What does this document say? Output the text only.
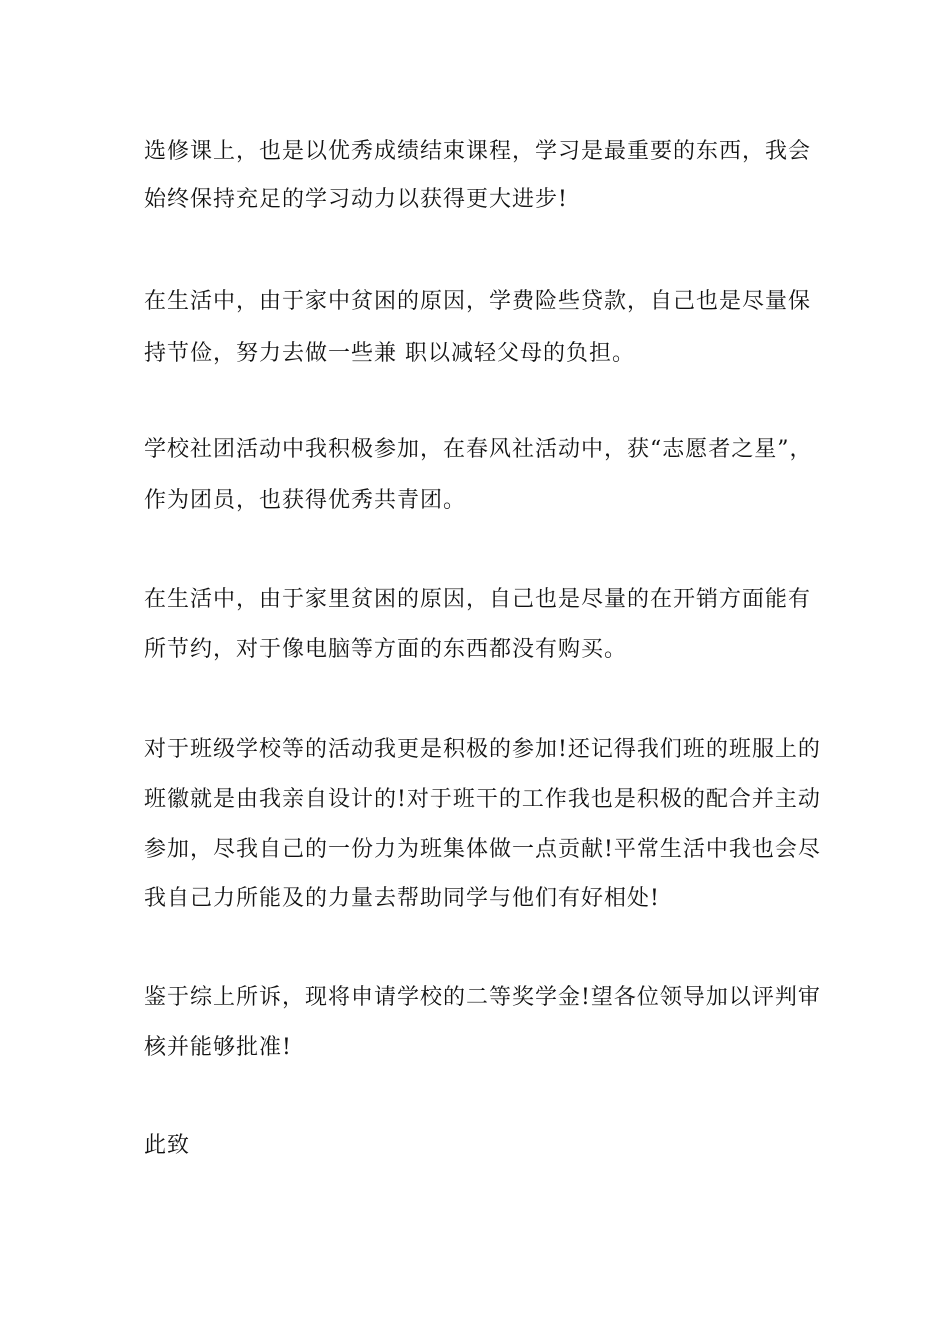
选修课上，也是以优秀成绩结束课程，学习是最重要的东西，我会
始终保持充足的学习动力以获得更大进步!
在生活中，由于家中贫困的原因，学费险些贷款，自己也是尽量保
持节俭，努力去做一些兼 职以减轻父母的负担。
学校社团活动中我积极参加，在春风社活动中，获“志愿者之星”，
作为团员，也获得优秀共青团。
在生活中，由于家里贫困的原因，自己也是尽量的在开销方面能有
所节约，对于像电脑等方面的东西都没有购买。
对于班级学校等的活动我更是积极的参加!还记得我们班的班服上的
班徽就是由我亲自设计的!对于班干的工作我也是积极的配合并主动
参加，尽我自己的一份力为班集体做一点贡献!平常生活中我也会尽
我自己力所能及的力量去帮助同学与他们有好相处!
鉴于综上所诉，现将申请学校的二等奖学金!望各位领导加以评判审
核并能够批准!
此致
